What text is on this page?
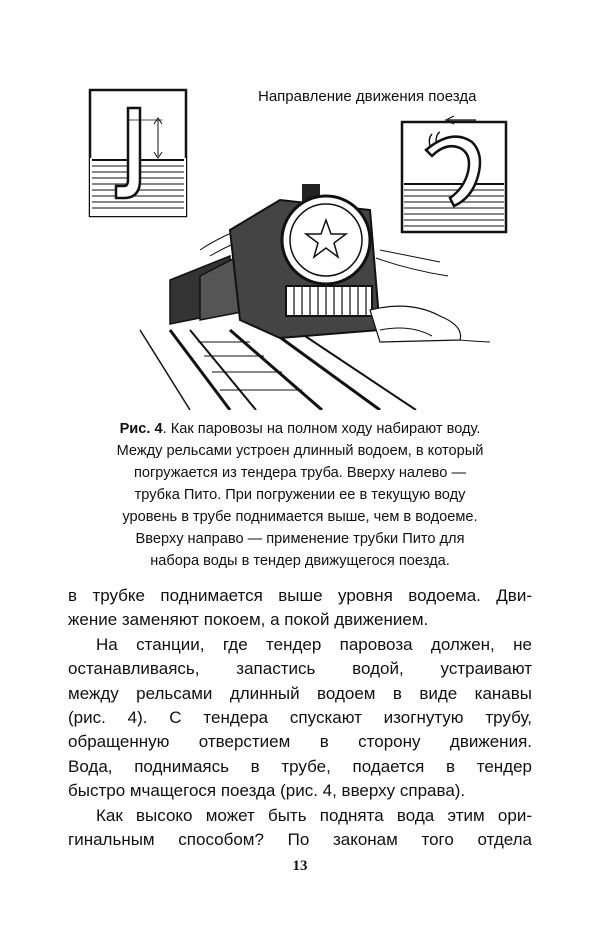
Направление движения поезда
Рис. 4. Как паровозы на полном ходу набирают воду.
Между рельсами устроен длинный водоем, в который
погружается из тендера труба. Вверху налево —
трубка Пито. При погружении ее в текущую воду
уровень в трубе поднимается выше, чем в водоеме.
Вверху направо — применение трубки Пито для
набора воды в тендер движущегося поезда.

в трубке поднимается выше уровня водоема. Дви-
жение заменяют покоем, а покой движением.

На станции, где тендер паровоза должен, не
останавливаясь, запастись водой, устраивают
между рельсами длинный водоем в виде канавы
(рис. 4). С тендера спускают изогнутую трубу,
обращенную отверстием в сторону движения.
Вода, поднимаясь в трубе, подается в тендер
быстро мчащегося поезда (рис. 4, вверху справа).

Как высоко может быть поднята вода этим ори-
гинальным способом? По законам того отдела

13
